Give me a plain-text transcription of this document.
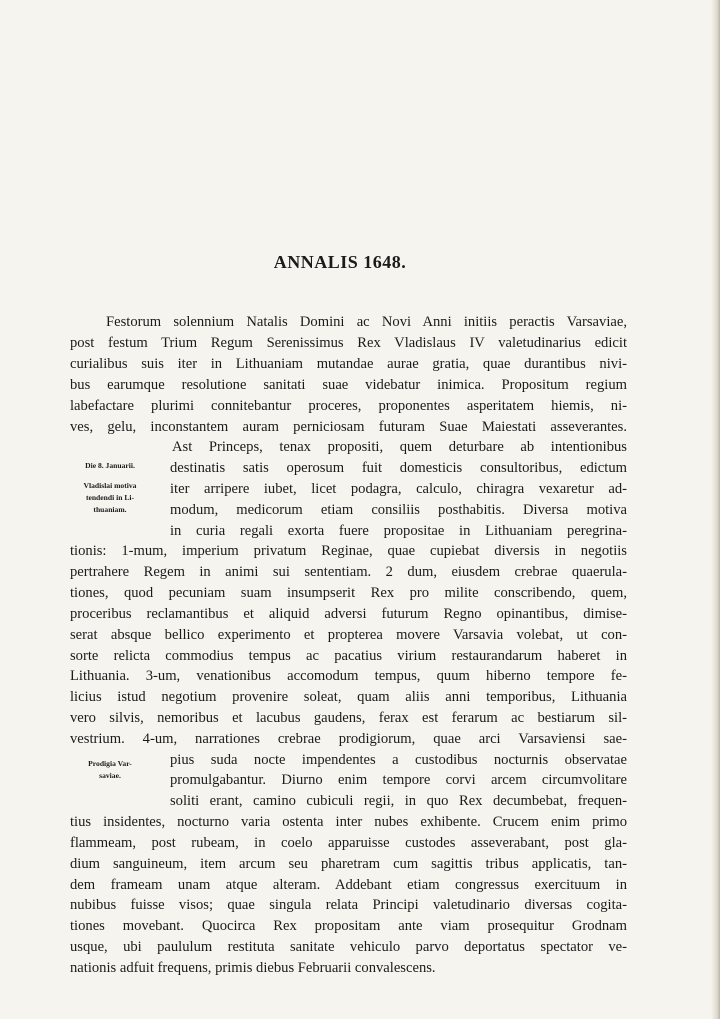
ANNALIS 1648.
Die 8. Januarii.
Vladislai motiva
tendendi in Li-
thuaniam.
Prodigia Var-
saviae.
Festorum solennium Natalis Domini ac Novi Anni initiis peractis Varsaviae,
post festum Trium Regum Serenissimus Rex Vladislaus IV valetudinarius edicit
curialibus suis iter in Lithuaniam mutandae aurae gratia, quae durantibus nivi-
bus earumque resolutione sanitati suae videbatur inimica. Propositum regium
labefactare plurimi connitebantur proceres, proponentes asperitatem hiemis, ni-
ves, gelu, inconstantem auram perniciosam futuram Suae Maiestati asseverantes.
Ast Princeps, tenax propositi, quem deturbare ab intentionibus
destinatis satis operosum fuit domesticis consultoribus, edictum
iter arripere iubet, licet podagra, calculo, chiragra vexaretur ad-
modum, medicorum etiam consiliis posthabitis. Diversa motiva
in curia regali exorta fuere propositae in Lithuaniam peregrina-
tionis: 1-mum, imperium privatum Reginae, quae cupiebat diversis in negotiis
pertrahere Regem in animi sui sententiam. 2 dum, eiusdem crebrae quaerula-
tiones, quod pecuniam suam insumpserit Rex pro milite conscribendo, quem,
proceribus reclamantibus et aliquid adversi futurum Regno opinantibus, dimise-
serat absque bellico experimento et propterea movere Varsavia volebat, ut con-
sorte relicta commodius tempus ac pacatius virium restaurandarum haberet in
Lithuania. 3-um, venationibus accomodum tempus, quum hiberno tempore fe-
licius istud negotium provenire soleat, quam aliis anni temporibus, Lithuania
vero silvis, nemoribus et lacubus gaudens, ferax est ferarum ac bestiarum sil-
vestrium. 4-um, narrationes crebrae prodigiorum, quae arci Varsaviensi sae-
pius suda nocte impendentes a custodibus nocturnis observatae
promulgabantur. Diurno enim tempore corvi arcem circumvolitare
soliti erant, camino cubiculi regii, in quo Rex decumbebat, frequen-
tius insidentes, nocturno varia ostenta inter nubes exhibente. Crucem enim primo
flammeam, post rubeam, in coelo apparuisse custodes asseverabant, post gla-
dium sanguineum, item arcum seu pharetram cum sagittis tribus applicatis, tan-
dem frameam unam atque alteram. Addebant etiam congressus exercituum in
nubibus fuisse visos; quae singula relata Principi valetudinario diversas cogita-
tiones movebant. Quocirca Rex propositam ante viam prosequitur Grodnam
usque, ubi paululum restituta sanitate vehiculo parvo deportatus spectator ve-
nationis adfuit frequens, primis diebus Februarii convalescens.
